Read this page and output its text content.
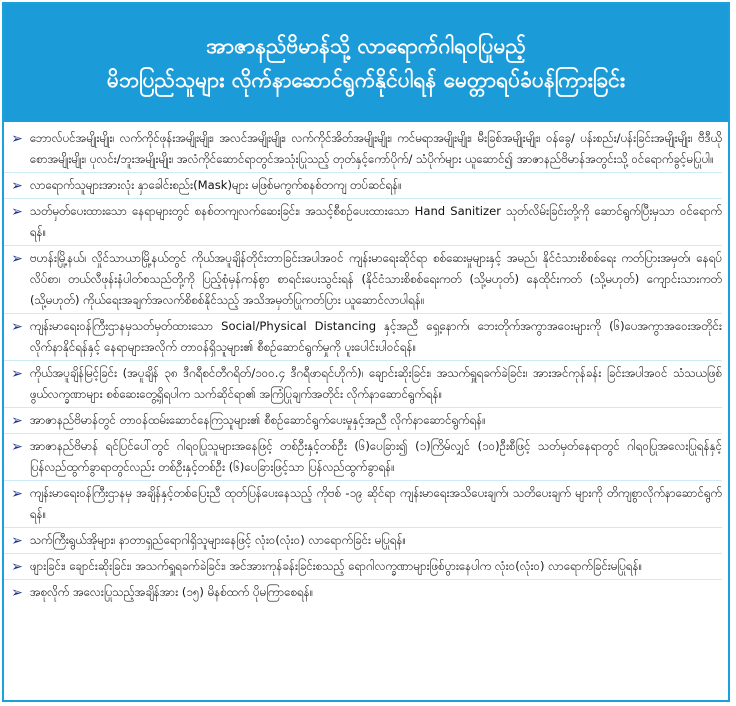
အာဇာနည်ဗိမာန်သို့ လာရောက်ဂါရဝပြုမည့်
မိဘပြည်သူများ လိုက်နာဆောင်ရွက်နိုင်ပါရန် မေတ္တာရပ်ခံပန်ကြားခြင်း
➢ ဘောလ်ပင်အမျိုးမျိုး၊ လက်ကိုင်ဖုန်းအမျိုးမျိုး၊ အလင်အမျိုးမျိုး၊ လက်ကိုင်အိတ်အမျိုးမျိုး၊ ကင်မရာအမျိုးမျိုး၊ မီးခြစ်အမျိုးမျိုး၊ ဝန်ခွေ/ ပန်းစည်း/ပန်းခြင်းအမျိုးမျိုး၊ ဗီဒီယိုစောအမျိုးမျိုး၊ ပုလင်း/ဘူးအမျိုးမျိုး၊ အလံကိုင်ဆောင်ရာတွင်အသုံးပြုသည့် တုတ်နှင့်ကော်ပိုက်/ သံပိုက်များ ယူဆောင်၍ အာဇာနည်ဗိမာန်အတွင်းသို့ ဝင်ရောက်ခွင့်မပြုပါ။
➢ လာရောက်သူများအားလုံး နှာခေါင်းစည်း(Mask)များ မဖြစ်မကွက်စနစ်တကျ တပ်ဆင်ရန်။
➢ သတ်မှတ်ပေးထားသော နေရာများတွင် စနစ်တကျလက်ဆေးခြင်း၊ အသင့်စီစဉ်ပေးထားသော Hand Sanitizer သုတ်လိမ်းခြင်းတို့ကို ဆောင်ရွက်ပြီးမှသာ ဝင်ရောက်ရန်။
➢ ဗဟန်းမြို့နယ်၊ လှိုင်သာယာမြို့နယ်တွင် ကိုယ်အပူချိန်တိုင်းတာခြင်းအပါအဝင် ကျန်းမာရေးဆိုင်ရာ စစ်ဆေးမှုများနှင့် အမည်၊ နိုင်ငံသားစိစစ်ရေး ကတ်ပြားအမှတ်၊ နေရပ်လိပ်စာ၊ တယ်လီဖုန်းနံပါတ်စသည်တို့ကို ပြည့်စုံမှန်ကန်စွာ စာရင်းပေးသွင်းရန် (နိုင်ငံသားစိစစ်ရေးကတ် (သို့မဟုတ်) နေထိုင်းကတ် (သို့မဟုတ်) ကျောင်းသားကတ် (သို့မဟုတ်) ကိုယ်ရေးအချက်အလက်စိစစ်နိုင်သည့် အသိအမှတ်ပြုကတ်ပြား ယူဆောင်လာပါရန်။
➢ ကျန်းမာရေးဝန်ကြီးဌာနမှသတ်မှတ်ထားသော Social/Physical Distancing နှင့်အညီ ရှေ့နောက်၊ ဘေးတိုက်အကွာအဝေးများကို (၆)ပေအကွာအဝေးအတိုင်း လိုက်နာနိုင်ရန်နှင့် နေရာများအလိုက် တာဝန်ရှိသူများ၏ စီစဉ်ဆောင်ရွက်မှုကို ပူးပေါင်းပါဝင်ရန်။
➢ ကိုယ်အပူချိန်မြင့်ခြင်း (အပူချိန် ၃၈ ဒီဂရီစင်တီဂရိတ်/၁၀၀.၄ ဒီဂရီဖာရင်ဟိုက်)၊ ချောင်းဆိုးခြင်း၊ အသက်ရှူရခက်ခဲခြင်း၊ အားအင်ကုန်ခန်း ခြင်းအပါအဝင် သံသယဖြစ်ဖွယ်လက္ခဏာများ စစ်ဆေးတွေ့ရှိရပါက သက်ဆိုင်ရာ၏ အကြံပြုချက်အတိုင်း လိုက်နာဆောင်ရွက်ရန်။
➢ အာဇာနည်ဗိမာန်တွင် တာဝန်ထမ်းဆောင်နေကြသူများ၏ စီစဉ်ဆောင်ရွက်ပေးမှုနှင့်အညီ လိုက်နာဆောင်ရွက်ရန်။
➢ အာဇာနည်ဗိမာန် ရင်ပြင်ပေါ်တွင် ဂါရဝပြုသူများအနေဖြင့် တစ်ဦးနှင့်တစ်ဦး (၆)ပေခြား၍ (၁)ကြိမ်လျှင် (၁၀)ဦးစီဖြင့် သတ်မှတ်နေရာတွင် ဂါရဝပြုအလေးပြုရန်နှင့် ပြန်လည်ထွက်ခွာရာတွင်လည်း တစ်ဦးနှင့်တစ်ဦး (၆)ပေခြားဖြင့်သာ ပြန်လည်ထွက်ခွာရန်။
➢ ကျန်းမာရေးဝန်ကြီးဌာနမှ အချိန်နှင့်တစ်ပြေးညီ ထုတ်ပြန်ပေးနေသည့် ကိုဗစ် -၁၉ ဆိုင်ရာ ကျန်းမာရေးအသိပေးချက်၊ သတိပေးချက် များကို တိကျစွာလိုက်နာဆောင်ရွက်ရန်။
➢ သက်ကြီးရွယ်အိုများ၊ နာတာရှည်ရောဂါရှိသူများနေဖြင့် လုံးဝ(လုံးဝ) လာရောက်ခြင်း မပြုရန်။
➢ ဖျားခြင်း၊ ချောင်းဆိုးခြင်း၊ အသက်ရှူရခက်ခဲခြင်း၊ အင်အားကုန်ခန်းခြင်းစသည့် ရောဂါလက္ခဏာများဖြစ်ပွားနေပါက လုံးဝ(လုံးဝ) လာရောက်ခြင်းမပြုရန်။
➢ အစုလိုက် အလေးပြုသည့်အချိန်အား (၁၅) မိနစ်ထက် ပိုမကြာစေရန်။
